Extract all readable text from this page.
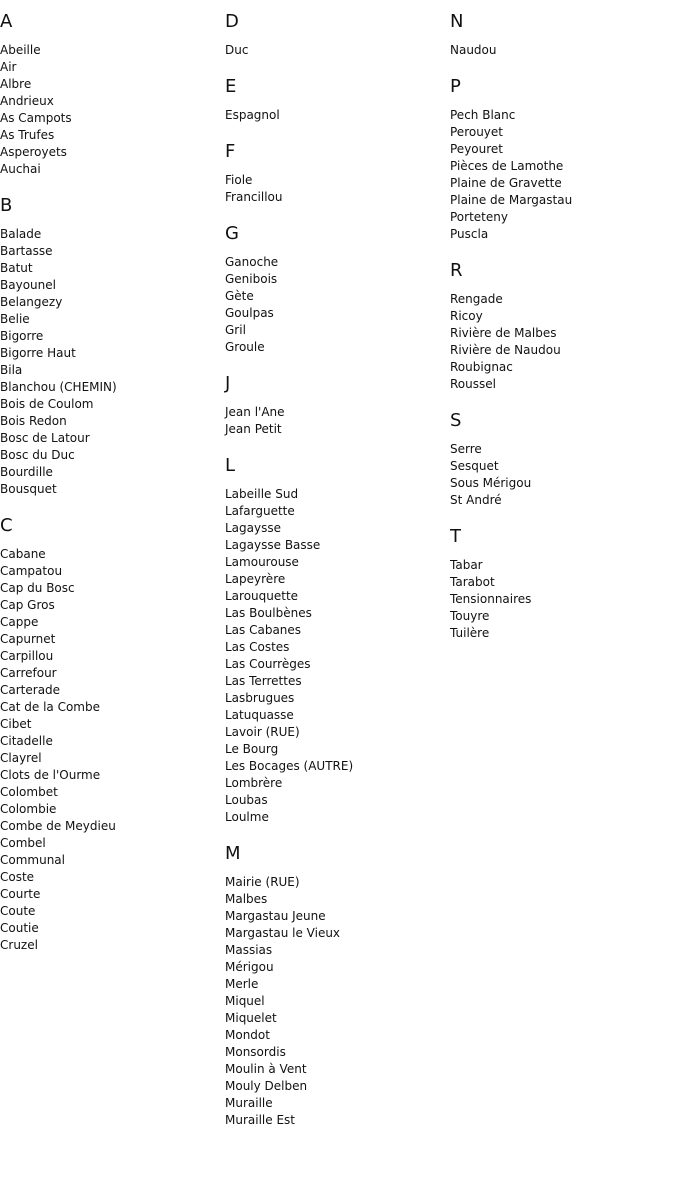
A
Abeille
Air
Albre
Andrieux
As Campots
As Trufes
Asperoyets
Auchai
B
Balade
Bartasse
Batut
Bayounel
Belangezy
Belie
Bigorre
Bigorre Haut
Bila
Blanchou (CHEMIN)
Bois de Coulom
Bois Redon
Bosc de Latour
Bosc du Duc
Bourdille
Bousquet
C
Cabane
Campatou
Cap du Bosc
Cap Gros
Cappe
Capurnet
Carpillou
Carrefour
Carterade
Cat de la Combe
Cibet
Citadelle
Clayrel
Clots de l'Ourme
Colombet
Colombie
Combe de Meydieu
Combel
Communal
Coste
Courte
Coute
Coutie
Cruzel
D
Duc
E
Espagnol
F
Fiole
Francillou
G
Ganoche
Genibois
Gète
Goulpas
Gril
Groule
J
Jean l'Ane
Jean Petit
L
Labeille Sud
Lafarguette
Lagaysse
Lagaysse Basse
Lamourouse
Lapeyrère
Larouquette
Las Boulbènes
Las Cabanes
Las Costes
Las Courrèges
Las Terrettes
Lasbrugues
Latuquasse
Lavoir (RUE)
Le Bourg
Les Bocages (AUTRE)
Lombrère
Loubas
Loulme
M
Mairie (RUE)
Malbes
Margastau Jeune
Margastau le Vieux
Massias
Mérigou
Merle
Miquel
Miquelet
Mondot
Monsordis
Moulin à Vent
Mouly Delben
Muraille
Muraille Est
N
Naudou
P
Pech Blanc
Perouyet
Peyouret
Pièces de Lamothe
Plaine de Gravette
Plaine de Margastau
Porteteny
Puscla
R
Rengade
Ricoy
Rivière de Malbes
Rivière de Naudou
Roubignac
Roussel
S
Serre
Sesquet
Sous Mérigou
St André
T
Tabar
Tarabot
Tensionnaires
Touyre
Tuilère
